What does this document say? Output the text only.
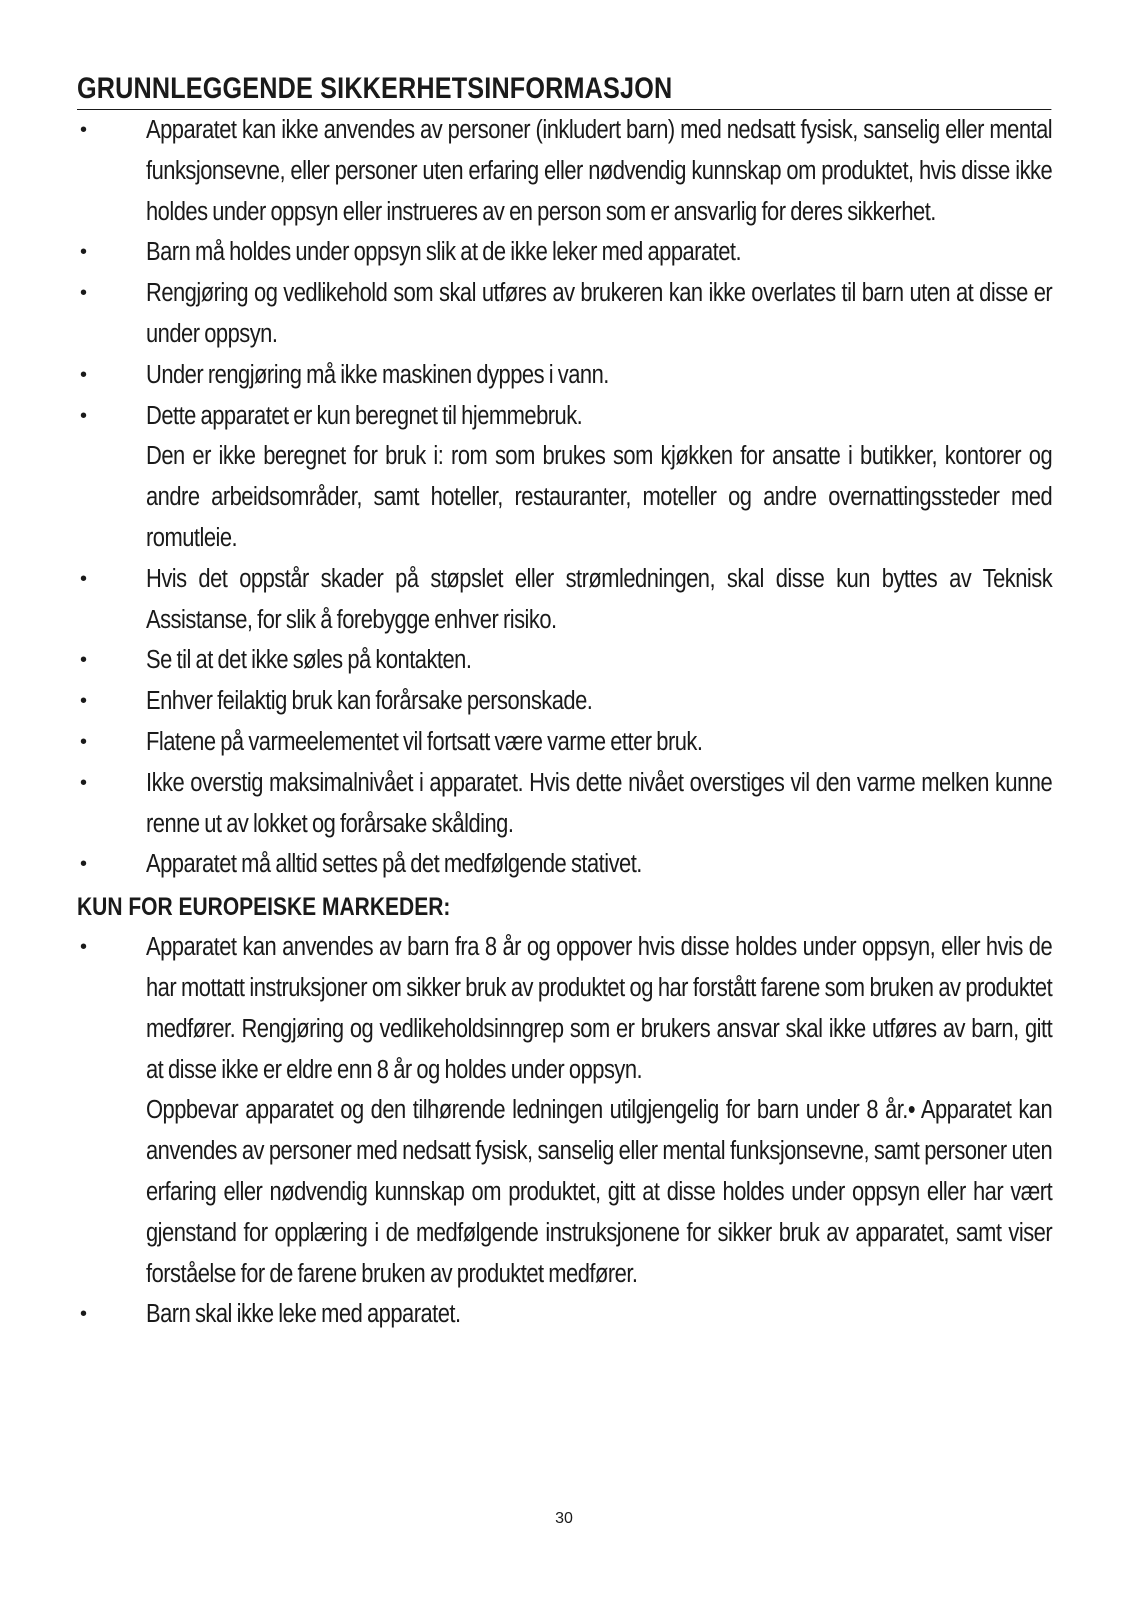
GRUNNLEGGENDE SIKKERHETSINFORMASJON
• Apparatet kan ikke anvendes av personer (inkludert barn) med nedsatt fysisk, sanselig eller mental funksjonsevne, eller personer uten erfaring eller nødvendig kunnskap om produktet, hvis disse ikke holdes under oppsyn eller instrueres av en person som er ansvarlig for deres sikkerhet.
• Barn må holdes under oppsyn slik at de ikke leker med apparatet.
• Rengjøring og vedlikehold som skal utføres av brukeren kan ikke overlates til barn uten at disse er under oppsyn.
• Under rengjøring må ikke maskinen dyppes i vann.
• Dette apparatet er kun beregnet til hjemmebruk.
Den er ikke beregnet for bruk i: rom som brukes som kjøkken for ansatte i butikker, kontorer og andre arbeidsområder, samt hoteller, restauranter, moteller og andre overnattingssteder med romutleie.
• Hvis det oppstår skader på støpslet eller strømledningen, skal disse kun byttes av Teknisk Assistanse, for slik å forebygge enhver risiko.
• Se til at det ikke søles på kontakten.
• Enhver feilaktig bruk kan forårsake personskade.
• Flatene på varmeelementet vil fortsatt være varme etter bruk.
• Ikke overstig maksimalnivået i apparatet. Hvis dette nivået overstiges vil den varme melken kunne renne ut av lokket og forårsake skålding.
• Apparatet må alltid settes på det medfølgende stativet.
KUN FOR EUROPEISKE MARKEDER:
• Apparatet kan anvendes av barn fra 8 år og oppover hvis disse holdes under oppsyn, eller hvis de har mottatt instruksjoner om sikker bruk av produktet og har forstått farene som bruken av produktet medfører. Rengjøring og vedlikeholdsinngrep som er brukers ansvar skal ikke utføres av barn, gitt at disse ikke er eldre enn 8 år og holdes under oppsyn.
Oppbevar apparatet og den tilhørende ledningen utilgjengelig for barn under 8 år.• Apparatet kan anvendes av personer med nedsatt fysisk, sanselig eller mental funksjonsevne, samt personer uten erfaring eller nødvendig kunnskap om produktet, gitt at disse holdes under oppsyn eller har vært gjenstand for opplæring i de medfølgende instruksjonene for sikker bruk av apparatet, samt viser forståelse for de farene bruken av produktet medfører.
• Barn skal ikke leke med apparatet.
30
